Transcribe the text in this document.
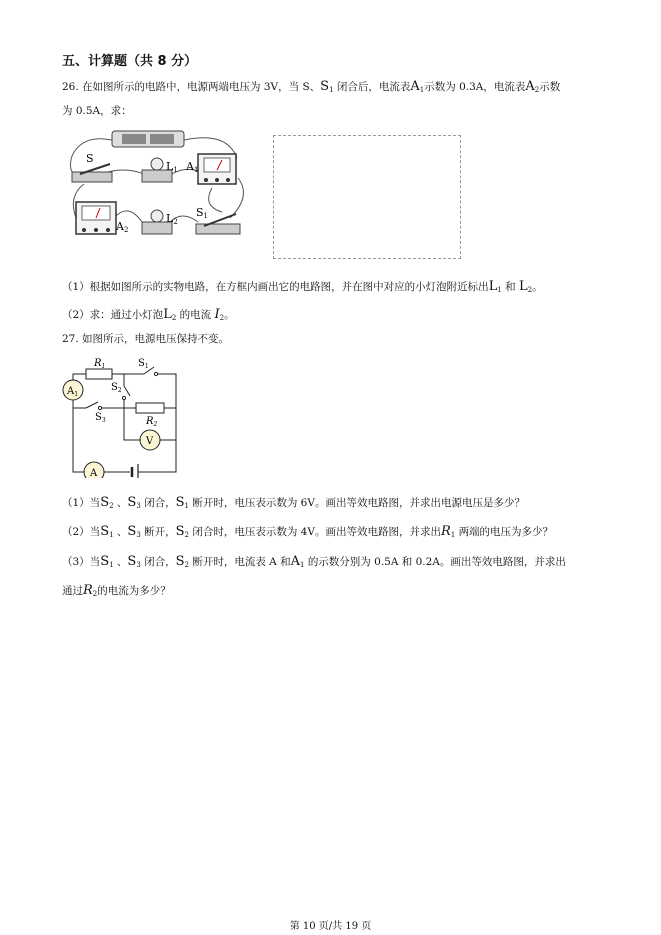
五、计算题（共 8 分）
26. 在如图所示的电路中，电源两端电压为 3V，当 S、$S_1$ 闭合后，电流表$A_1$示数为 0.3A，电流表$A_2$示数
为 0.5A，求：
S
L1 A1
A2
L2
S1
（1）根据如图所示的实物电路，在方框内画出它的电路图，并在图中对应的小灯泡附近标出$L_1$ 和 $L_2$。
（2）求：通过小灯泡$L_2$ 的电流 $I_2$。
27. 如图所示，电源电压保持不变。
$A_1$
V
A
$R_1$	$S_1$
$S_2$
$S_3$	$R_2$
（1）当$S_2$ 、$S_3$ 闭合，$S_1$ 断开时，电压表示数为 6V。画出等效电路图，并求出电源电压是多少？
（2）当$S_1$ 、$S_3$ 断开，$S_2$ 闭合时，电压表示数为 4V。画出等效电路图，并求出$R_1$ 两端的电压为多少？
（3）当$S_1$ 、$S_3$ 闭合，$S_2$ 断开时，电流表 A 和$A_1$ 的示数分别为 0.5A 和 0.2A。画出等效电路图，并求出
通过$R_2$的电流为多少？
第 10 页/共 19 页
